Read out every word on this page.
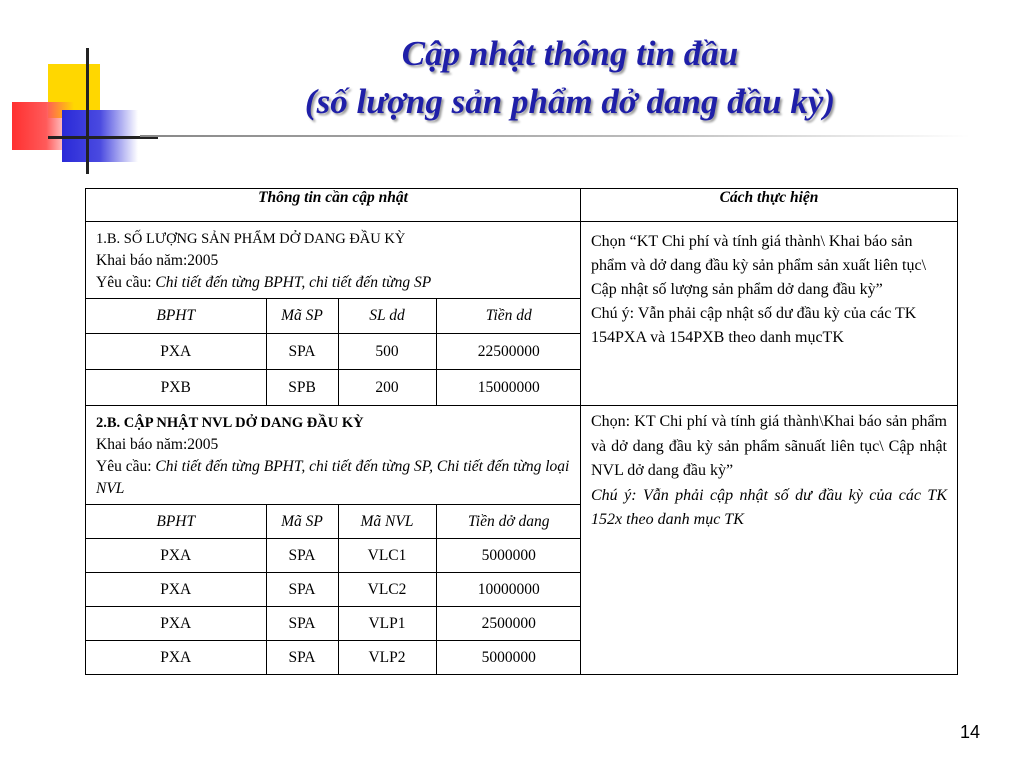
Cập nhật thông tin đầu
(số lượng sản phẩm dở dang đầu kỳ)
Thông tin cần cập nhật	Cách thực hiện

1.B. SỐ LƯỢNG SẢN PHẨM DỞ DANG ĐẦU KỲ
Khai báo năm:2005
Yêu cầu: Chi tiết đến từng BPHT, chi tiết đến từng SP
BPHT	Mã SP	SL dd	Tiền dd
PXA	SPA	500	22500000
PXB	SPB	200	15000000

Chọn “KT Chi phí và tính giá thành\ Khai báo sản phẩm và dở dang đầu kỳ sản phẩm sản xuất liên tục\ Cập nhật số lượng sản phẩm dở dang đầu kỳ”
Chú ý: Vẫn phải cập nhật số dư đầu kỳ của các TK 154PXA và 154PXB theo danh mụcTK

2.B. CẬP NHẬT NVL DỞ DANG ĐẦU KỲ
Khai báo năm:2005
Yêu cầu: Chi tiết đến từng BPHT, chi tiết đến từng SP, Chi tiết đến từng loại NVL
BPHT	Mã SP	Mã NVL	Tiền dở dang
PXA	SPA	VLC1	5000000
PXA	SPA	VLC2	10000000
PXA	SPA	VLP1	2500000
PXA	SPA	VLP2	5000000

Chọn: KT Chi phí và tính giá thành\Khai báo sản phẩm và dở dang đầu kỳ sản phẩm sãnuất liên tục\ Cập nhật NVL dở dang đầu kỳ”
Chú ý: Vẫn phải cập nhật số dư đầu kỳ của các TK 152x theo danh mục TK
14
